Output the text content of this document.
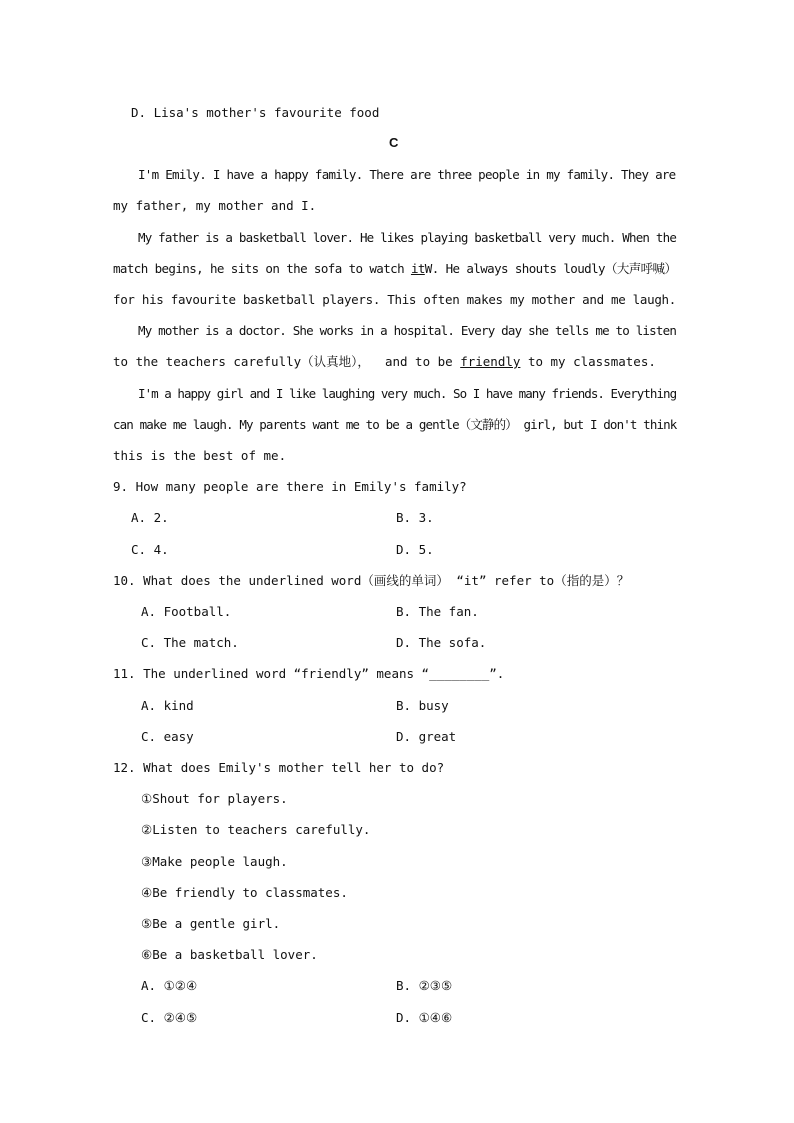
D. Lisa's mother's favourite food
C
I'm Emily. I have a happy family. There are three people in my family. They are
my father, my mother and I.
My father is a basketball lover. He likes playing basketball very much. When the
match begins, he sits on the sofa to watch itW. He always shouts loudly（大声呼喊）
for his favourite basketball players. This often makes my mother and me laugh.
My mother is a doctor. She works in a hospital. Every day she tells me to listen
to the teachers carefully（认真地），  and to be friendly to my classmates.
I'm a happy girl and I like laughing very much. So I have many friends. Everything
can make me laugh. My parents want me to be a gentle（文静的） girl, but I don't think
this is the best of me.
9. How many people are there in Emily's family?
A. 2.	B. 3.
C. 4.	D. 5.
10. What does the underlined word（画线的单词） “it” refer to（指的是）？
A. Football.	B. The fan.
C. The match.	D. The sofa.
11. The underlined word “friendly” means “________”.
A. kind	B. busy
C. easy	D. great
12. What does Emily's mother tell her to do?
①Shout for players.
②Listen to teachers carefully.
③Make people laugh.
④Be friendly to classmates.
⑤Be a gentle girl.
⑥Be a basketball lover.
A. ①②④	B. ②③⑤
C. ②④⑤	D. ①④⑥
